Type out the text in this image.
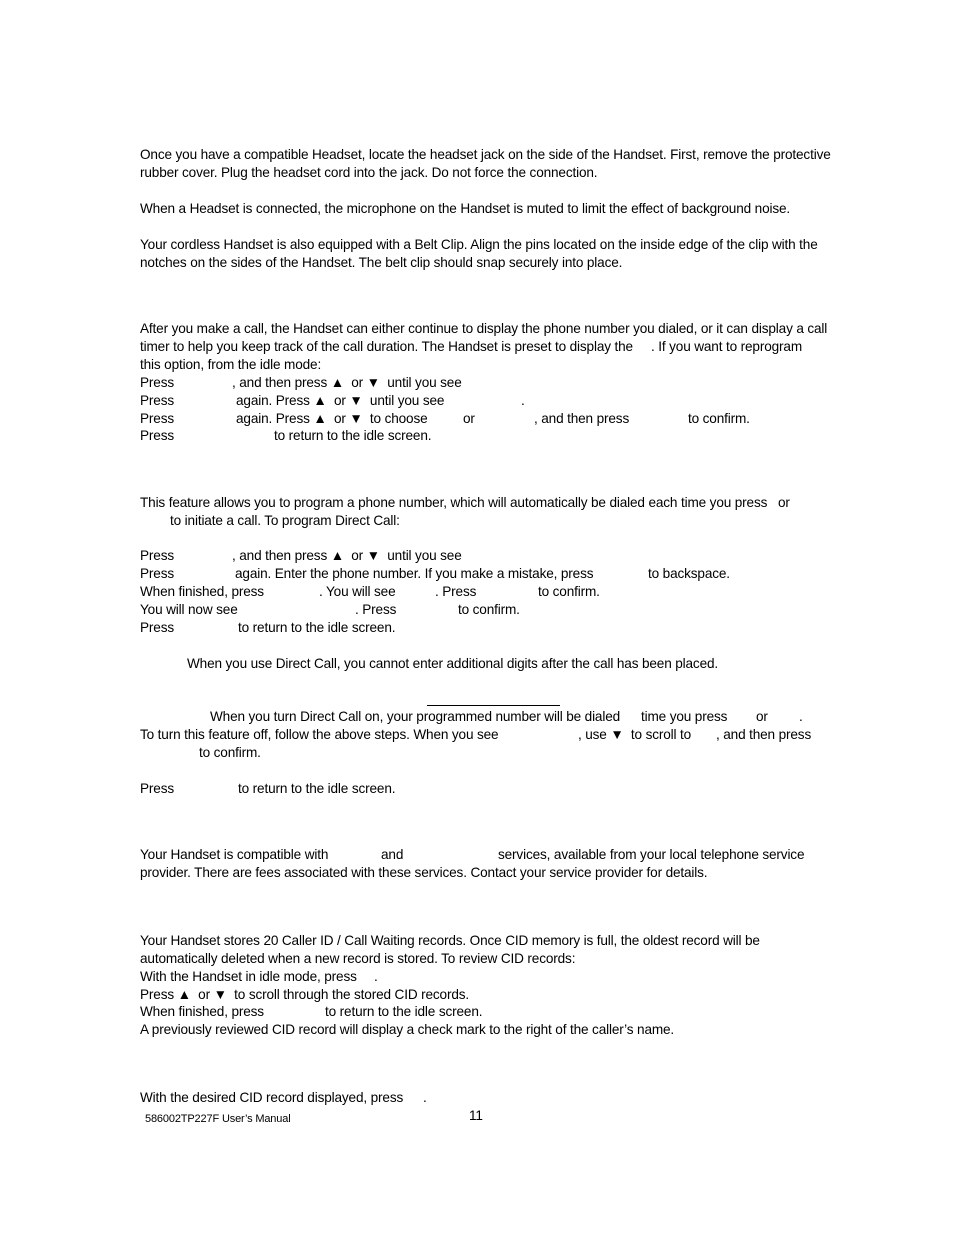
Once you have a compatible Headset, locate the headset jack on the side of the Handset. First, remove the protective
rubber cover. Plug the headset cord into the jack. Do not force the connection.
When a Headset is connected, the microphone on the Handset is muted to limit the effect of background noise.
Your cordless Handset is also equipped with a Belt Clip. Align the pins located on the inside edge of the clip with the
notches on the sides of the Handset. The belt clip should snap securely into place.
After you make a call, the Handset can either continue to display the phone number you dialed, or it can display a call
timer to help you keep track of the call duration. The Handset is preset to display the . If you want to reprogram
this option, from the idle mode:
Press	, and then press ▲  or ▼  until you see
Press	again. Press ▲  or ▼  until you see	.
Press	again. Press ▲  or ▼  to choose	or	, and then press	to confirm.
Press	to return to the idle screen.
This feature allows you to program a phone number, which will automatically be dialed each time you press or
to initiate a call. To program Direct Call:
Press	, and then press ▲  or ▼  until you see
Press	again. Enter the phone number. If you make a mistake, press	to backspace.
When finished, press	. You will see	. Press	to confirm.
You will now see	. Press	to confirm.
Press	to return to the idle screen.
When you use Direct Call, you cannot enter additional digits after the call has been placed.
When you turn Direct Call on, your programmed number will be dialed time you press or .
To turn this feature off, follow the above steps. When you see	, use ▼  to scroll to , and then press
to confirm.
Press	to return to the idle screen.
Your Handset is compatible with	and	services, available from your local telephone service
provider. There are fees associated with these services. Contact your service provider for details.
Your Handset stores 20 Caller ID / Call Waiting records. Once CID memory is full, the oldest record will be
automatically deleted when a new record is stored. To review CID records:
With the Handset in idle mode, press .
Press ▲  or ▼  to scroll through the stored CID records.
When finished, press	to return to the idle screen.
A previously reviewed CID record will display a check mark to the right of the caller’s name.
With the desired CID record displayed, press .
586002TP227F User’s Manual	11
